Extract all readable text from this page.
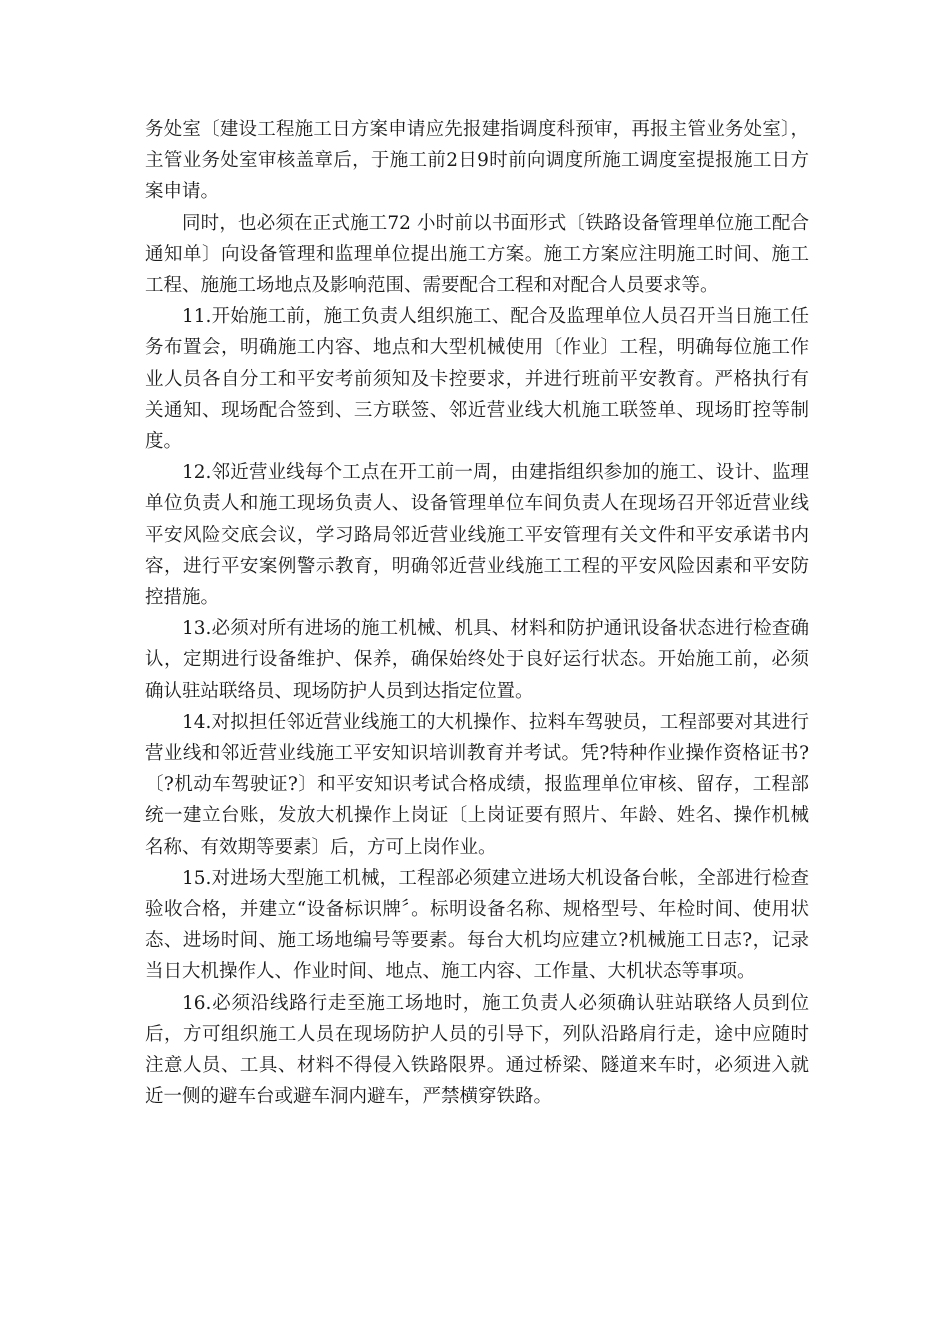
务处室〔建设工程施工日方案申请应先报建指调度科预审，再报主管业务处室〕，主管业务处室审核盖章后，于施工前2日9时前向调度所施工调度室提报施工日方案申请。

同时，也必须在正式施工72 小时前以书面形式〔铁路设备管理单位施工配合通知单〕向设备管理和监理单位提出施工方案。施工方案应注明施工时间、施工工程、施施工场地点及影响范围、需要配合工程和对配合人员要求等。

11.开始施工前，施工负责人组织施工、配合及监理单位人员召开当日施工任务布置会，明确施工内容、地点和大型机械使用〔作业〕工程，明确每位施工作业人员各自分工和平安考前须知及卡控要求，并进行班前平安教育。严格执行有关通知、现场配合签到、三方联签、邻近营业线大机施工联签单、现场盯控等制度。

12.邻近营业线每个工点在开工前一周，由建指组织参加的施工、设计、监理单位负责人和施工现场负责人、设备管理单位车间负责人在现场召开邻近营业线平安风险交底会议，学习路局邻近营业线施工平安管理有关文件和平安承诺书内容，进行平安案例警示教育，明确邻近营业线施工工程的平安风险因素和平安防控措施。

13.必须对所有进场的施工机械、机具、材料和防护通讯设备状态进行检查确认，定期进行设备维护、保养，确保始终处于良好运行状态。开始施工前，必须确认驻站联络员、现场防护人员到达指定位置。

14.对拟担任邻近营业线施工的大机操作、拉料车驾驶员，工程部要对其进行营业线和邻近营业线施工平安知识培训教育并考试。凭?特种作业操作资格证书?〔?机动车驾驶证?〕和平安知识考试合格成绩，报监理单位审核、留存，工程部统一建立台账，发放大机操作上岗证〔上岗证要有照片、年龄、姓名、操作机械名称、有效期等要素〕后，方可上岗作业。

15.对进场大型施工机械，工程部必须建立进场大机设备台帐，全部进行检查验收合格，并建立“设备标识牌〞。标明设备名称、规格型号、年检时间、使用状态、进场时间、施工场地编号等要素。每台大机均应建立?机械施工日志?，记录当日大机操作人、作业时间、地点、施工内容、工作量、大机状态等事项。

16.必须沿线路行走至施工场地时，施工负责人必须确认驻站联络人员到位后，方可组织施工人员在现场防护人员的引导下，列队沿路肩行走，途中应随时注意人员、工具、材料不得侵入铁路限界。通过桥梁、隧道来车时，必须进入就近一侧的避车台或避车洞内避车，严禁横穿铁路。
